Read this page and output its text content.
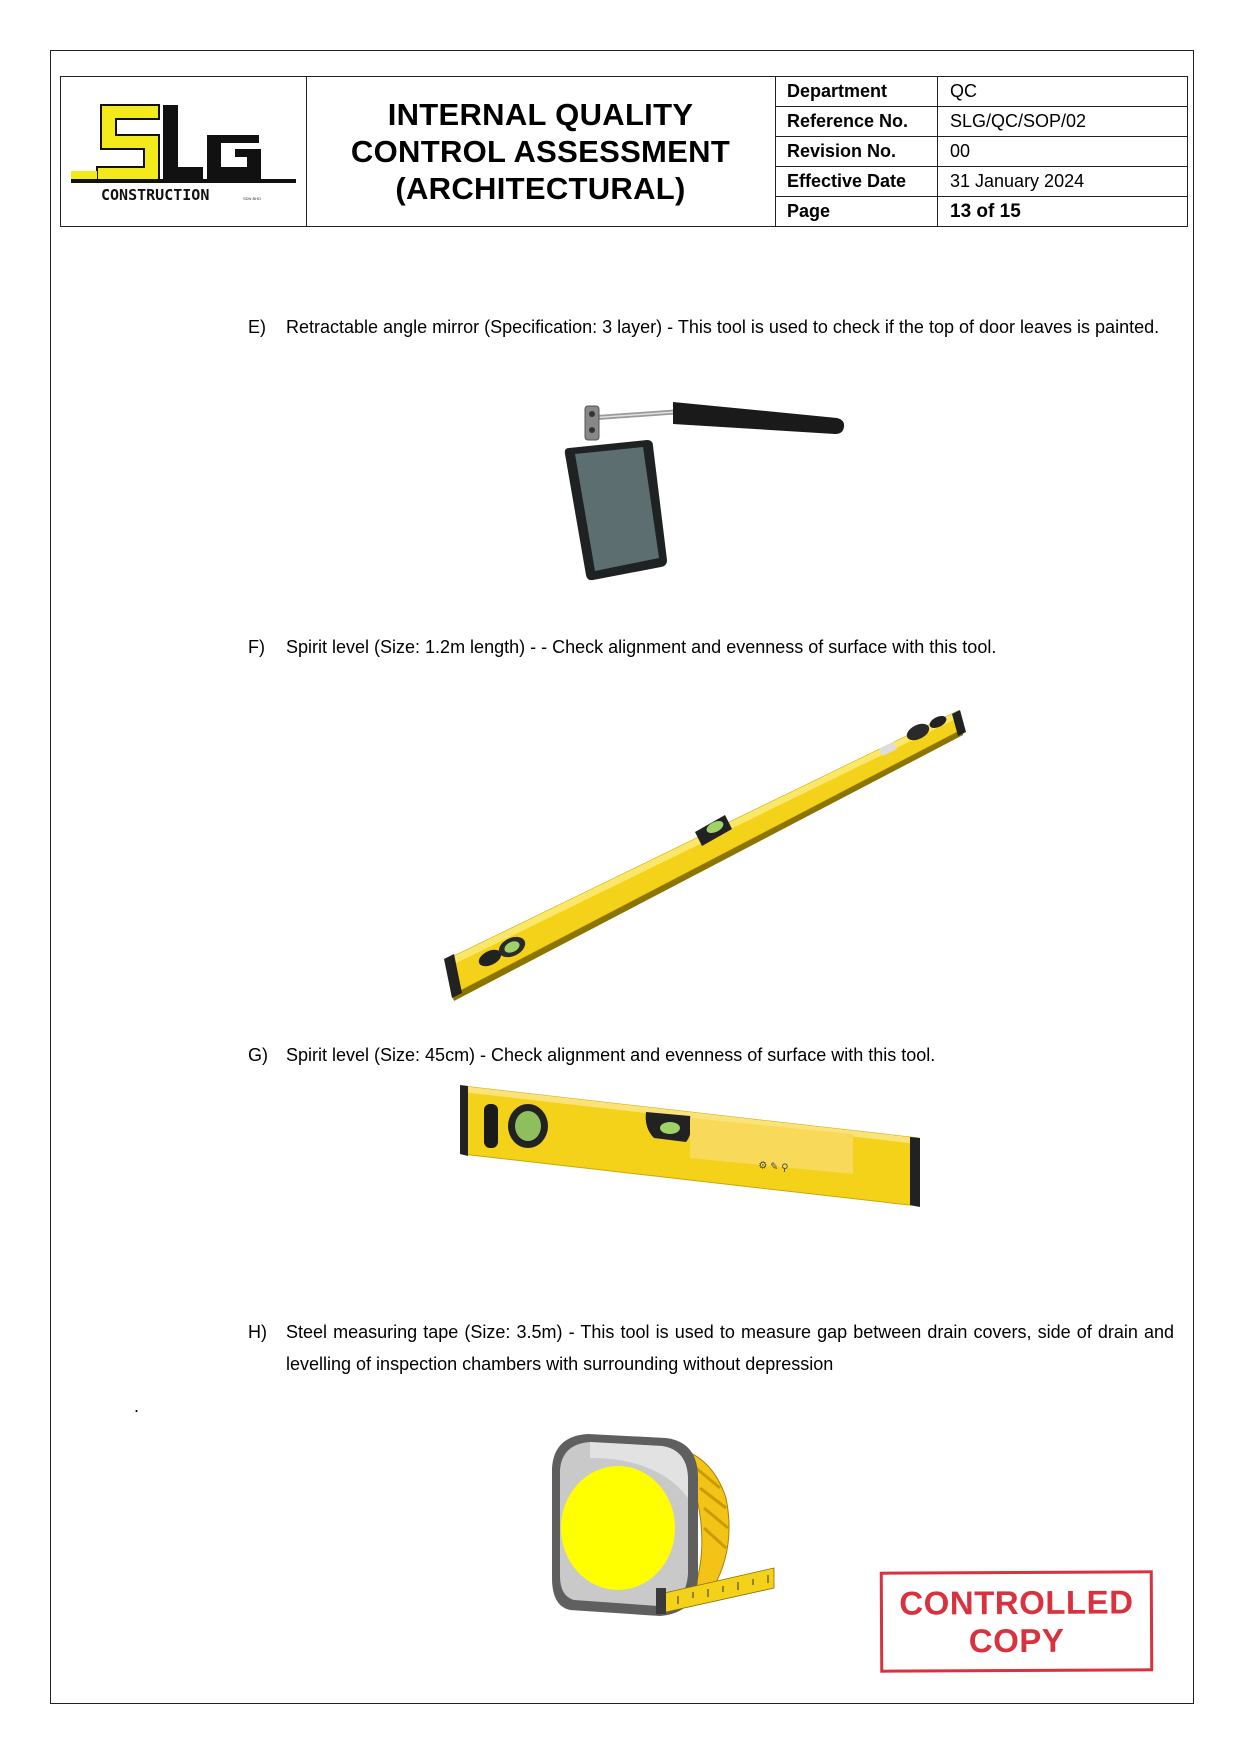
CONSTRUCTION	SDN BHD
INTERNAL QUALITY
CONTROL ASSESSMENT
(ARCHITECTURAL)
Department	QC
Reference No.	SLG/QC/SOP/02
Revision No.	00
Effective Date	31 January 2024
Page	13 of 15
E) Retractable angle mirror (Specification: 3 layer) - This tool is used to check if the top of door leaves is painted.
F) Spirit level (Size: 1.2m length) - - Check alignment and evenness of surface with this tool.
G) Spirit level (Size: 45cm) - Check alignment and evenness of surface with this tool.
⚙ ✎ ⚲
H) Steel measuring tape (Size: 3.5m) - This tool is used to measure gap between drain covers, side of drain and levelling of inspection chambers with surrounding without depression
.
CONTROLLED
COPY
